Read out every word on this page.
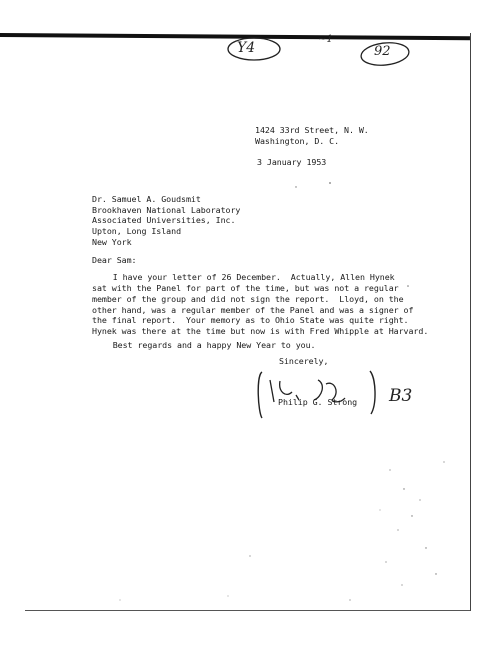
Y4
~1
92
B3
1424 33rd Street, N. W.
Washington, D. C.
3 January 1953
Dr. Samuel A. Goudsmit
Brookhaven National Laboratory
Associated Universities, Inc.
Upton, Long Island
New York
Dear Sam:
I have your letter of 26 December.  Actually, Allen Hynek
sat with the Panel for part of the time, but was not a regular
member of the group and did not sign the report.  Lloyd, on the
other hand, was a regular member of the Panel and was a signer of
the final report.  Your memory as to Ohio State was quite right.
Hynek was there at the time but now is with Fred Whipple at Harvard.
Best regards and a happy New Year to you.
Sincerely,
Philip G. Strong
